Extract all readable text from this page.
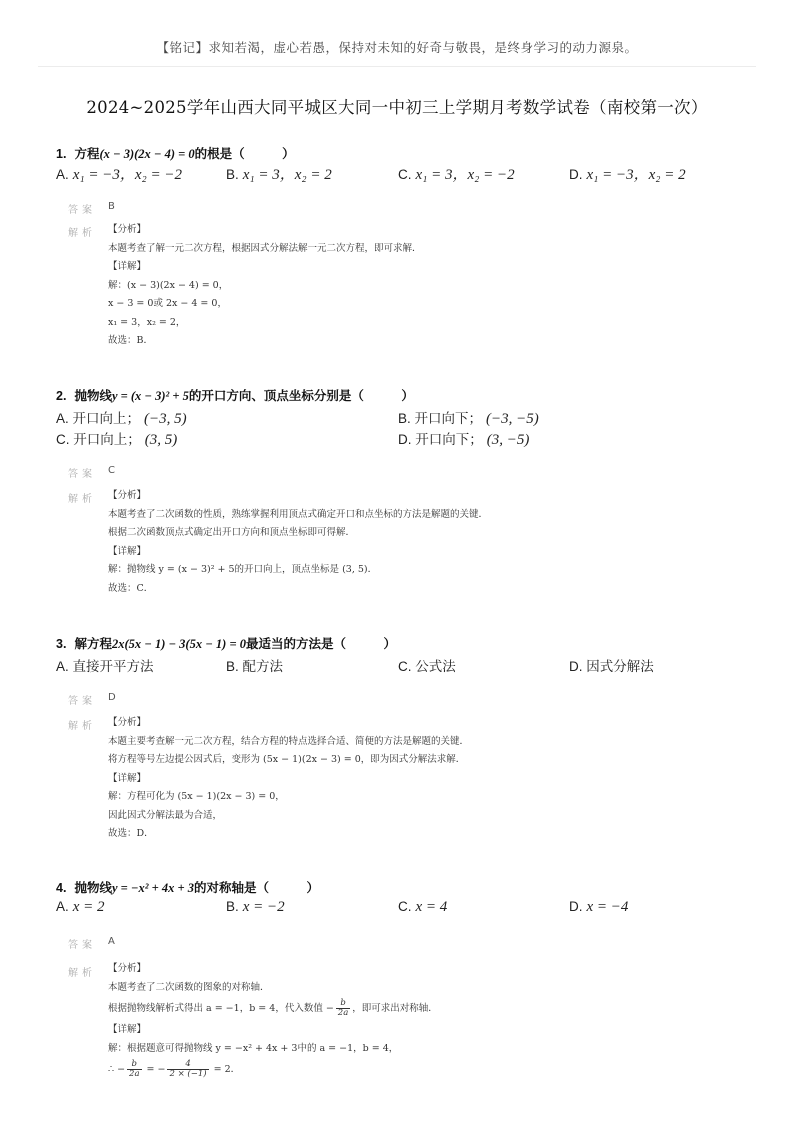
【铭记】求知若渴，虚心若愚，保持对未知的好奇与敬畏，是终身学习的动力源泉。
2024~2025学年山西大同平城区大同一中初三上学期月考数学试卷（南校第一次）
1. 方程(x − 3)(2x − 4) = 0的根是（　　　）
A. x₁ = −3，x₂ = −2	B. x₁ = 3，x₂ = 2	C. x₁ = 3，x₂ = −2	D. x₁ = −3，x₂ = 2
答案 B
解析 【分析】
本题考查了解一元二次方程，根据因式分解法解一元二次方程，即可求解．
【详解】
解：(x − 3)(2x − 4) = 0，
x − 3 = 0或 2x − 4 = 0，
x₁ = 3，x₂ = 2，
故选：B．
2. 抛物线y = (x − 3)² + 5的开口方向、顶点坐标分别是（　　　）
A. 开口向上； (−3, 5)	B. 开口向下； (−3, −5)
C. 开口向上； (3, 5)	D. 开口向下； (3, −5)
答案 C
解析 【分析】
本题考查了二次函数的性质，熟练掌握利用顶点式确定开口和点坐标的方法是解题的关键．
根据二次函数顶点式确定出开口方向和顶点坐标即可得解．
【详解】
解：抛物线 y = (x − 3)² + 5的开口向上，顶点坐标是 (3, 5)．
故选：C．
3. 解方程2x(5x − 1) − 3(5x − 1) = 0最适当的方法是（　　　）
A. 直接开平方法	B. 配方法	C. 公式法	D. 因式分解法
答案 D
解析 【分析】
本题主要考查解一元二次方程，结合方程的特点选择合适、简便的方法是解题的关键．
将方程等号左边提公因式后，变形为 (5x − 1)(2x − 3) = 0，即为因式分解法求解．
【详解】
解：方程可化为 (5x − 1)(2x − 3) = 0，
因此因式分解法最为合适，
故选：D．
4. 抛物线y = −x² + 4x + 3的对称轴是（　　　）
A. x = 2	B. x = −2	C. x = 4	D. x = −4
答案 A
解析 【分析】
本题考查了二次函数的图象的对称轴．
根据抛物线解析式得出 a = −1，b = 4，代入数值 − $\frac{b}{2a}$ ，即可求出对称轴．
【详解】
解：根据题意可得抛物线 y = −x² + 4x + 3中的 a = −1，b = 4，
∴ − $\frac{b}{2a}$ = − $\frac{4}{2 \times (-1)} = 2$．
